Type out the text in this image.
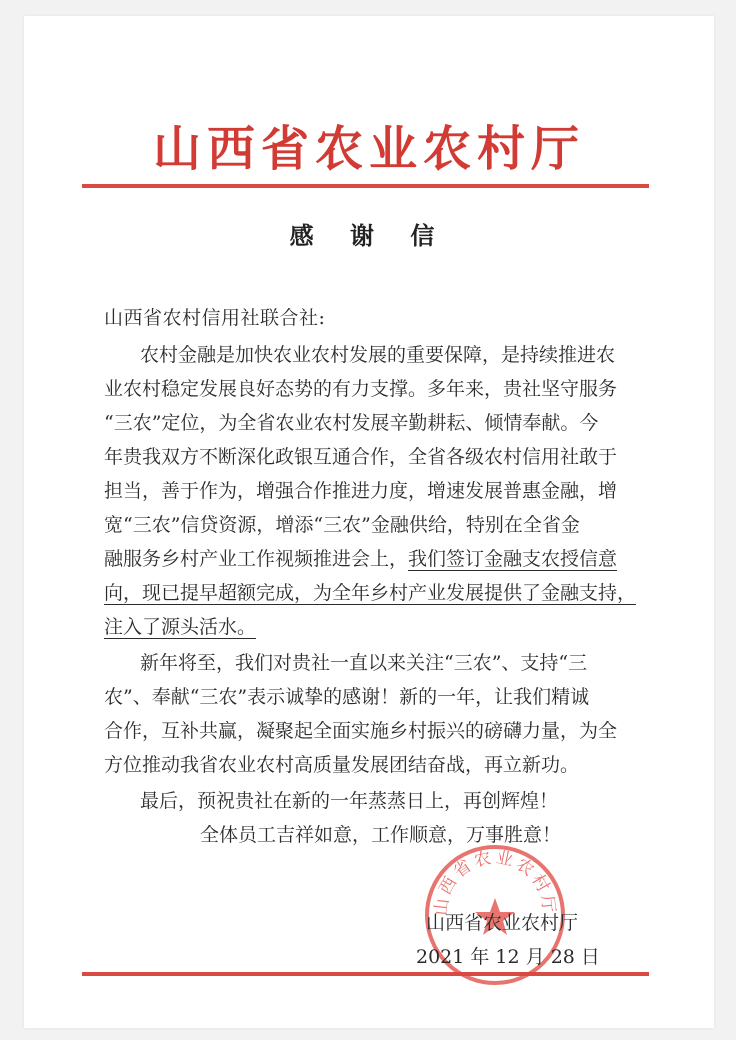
山西省农业农村厅
感 谢 信
山西省农村信用社联合社:
农村金融是加快农业农村发展的重要保障，是持续推进农
业农村稳定发展良好态势的有力支撑。多年来，贵社坚守服务
“三农”定位，为全省农业农村发展辛勤耕耘、倾情奉献。今
年贵我双方不断深化政银互通合作，全省各级农村信用社敢于
担当，善于作为，增强合作推进力度，增速发展普惠金融，增
宽“三农”信贷资源，增添“三农”金融供给，特别在全省金
融服务乡村产业工作视频推进会上，我们签订金融支农授信意
向，现已提早超额完成，为全年乡村产业发展提供了金融支持，
注入了源头活水。
新年将至，我们对贵社一直以来关注“三农”、支持“三
农”、奉献“三农”表示诚挚的感谢！新的一年，让我们精诚
合作，互补共赢，凝聚起全面实施乡村振兴的磅礴力量，为全
方位推动我省农业农村高质量发展团结奋战，再立新功。
最后，预祝贵社在新的一年蒸蒸日上，再创辉煌！
全体员工吉祥如意，工作顺意，万事胜意！
山西省农业农村厅
山西省农业农村厅
2021 年 12 月 28 日
